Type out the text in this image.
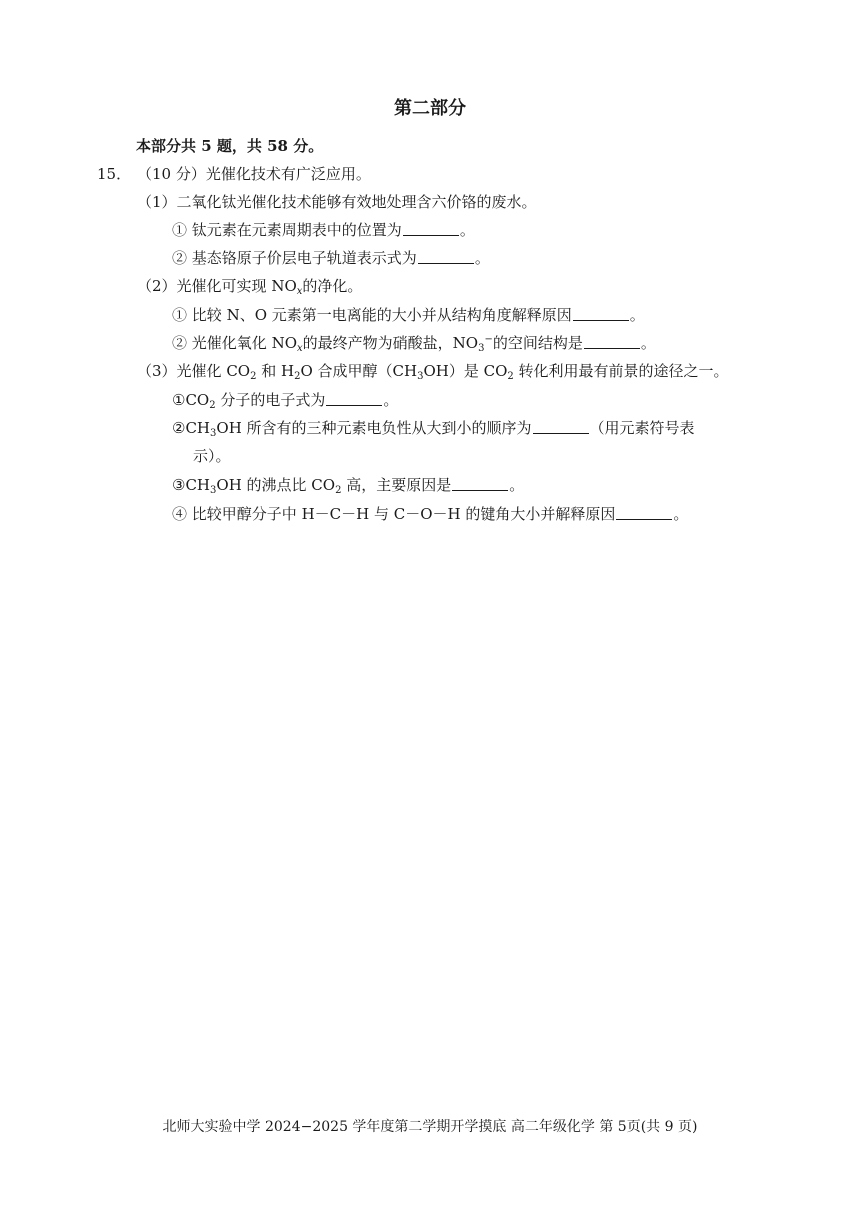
第二部分
本部分共 5 题，共 58 分。
15． （10 分）光催化技术有广泛应用。
（1）二氧化钛光催化技术能够有效地处理含六价铬的废水。
① 钛元素在元素周期表中的位置为	。
② 基态铬原子价层电子轨道表示式为	。
（2）光催化可实现 $NO_x$的净化。
① 比较 N、O 元素第一电离能的大小并从结构角度解释原因	。
② 光催化氧化 $NO_x$的最终产物为硝酸盐，$NO_3^-$的空间结构是	。
（3）光催化 $CO_2$ 和 $H_2O$ 合成甲醇$(CH_3OH)$是 $CO_2$ 转化利用最有前景的途径之一。
$①CO_2$ 分子的电子式为	。
$②CH_3OH$ 所含有的三种元素电负性从大到小的顺序为	（用元素符号表
示）。
$③CH_3OH$ 的沸点比 $CO_2$ 高，主要原因是	。
④ 比较甲醇分子中 H－C－H 与 C－O－H 的键角大小并解释原因	。
北师大实验中学 2024−2025 学年度第二学期开学摸底 高二年级化学 第 5页(共 9 页)
